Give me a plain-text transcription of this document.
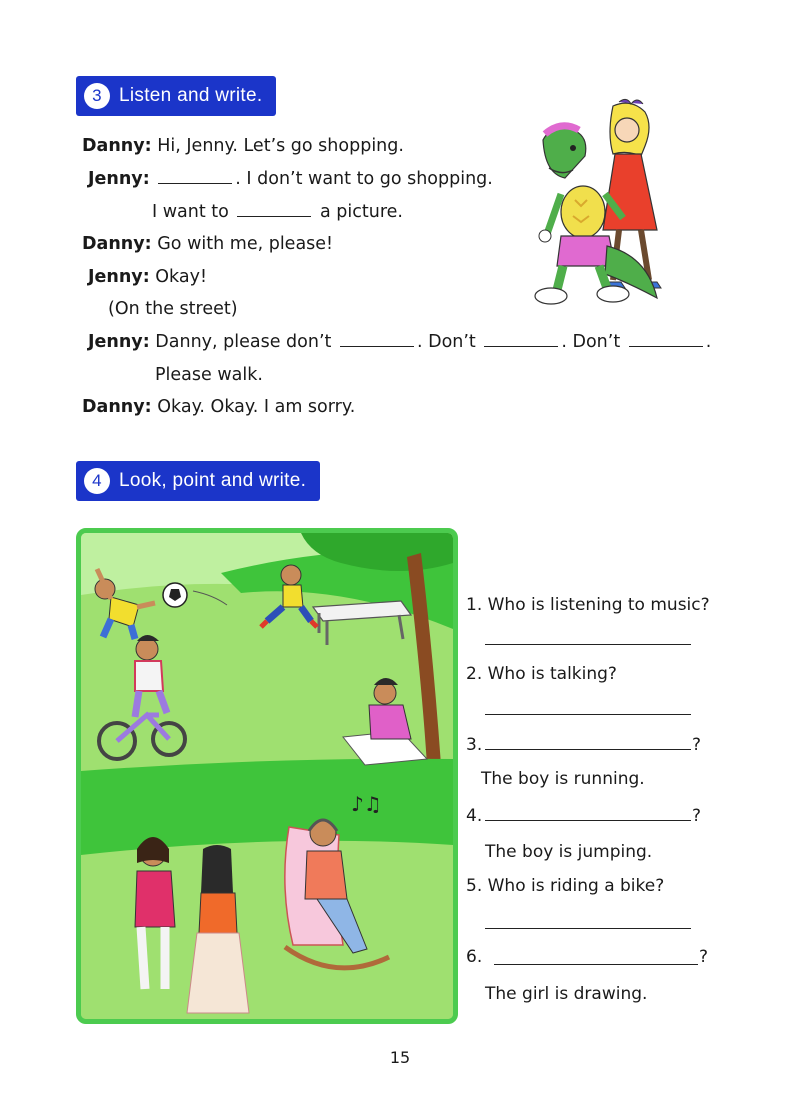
3 Listen and write.
Danny: Hi, Jenny. Let’s go shopping.
Jenny:	. I don’t want to go shopping.
I want to	a picture.
Danny: Go with me, please!
Jenny: Okay!
(On the street)
Jenny: Danny, please don’t	. Don’t	. Don’t	.
Please walk.
Danny: Okay. Okay. I am sorry.
4 Look, point and write.
♪♫
1. Who is listening to music?
2. Who is talking?
3.	?
The boy is running.
4.	?
The boy is jumping.
5. Who is riding a bike?
6.	?
The girl is drawing.
15
